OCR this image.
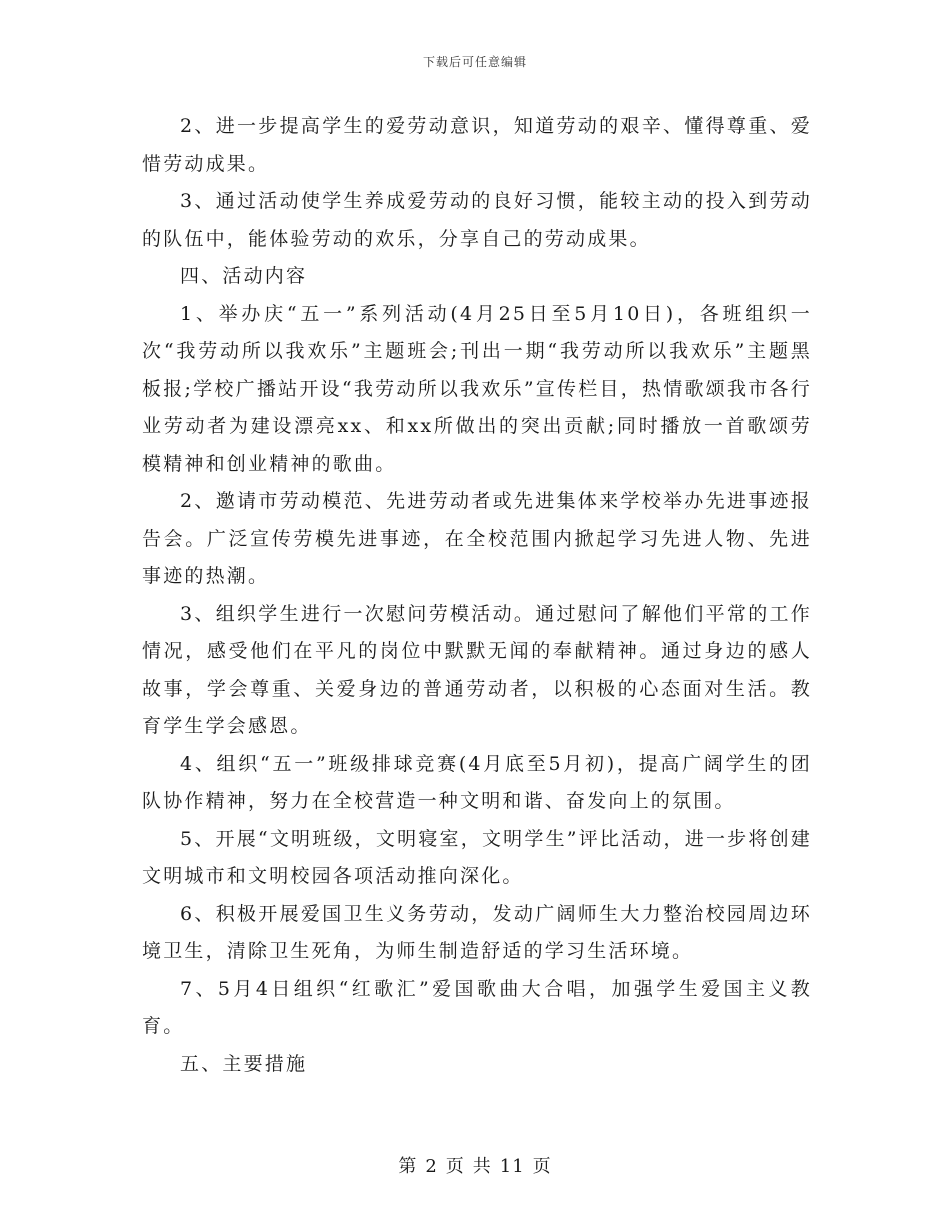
下载后可任意编辑

2、进一步提高学生的爱劳动意识，知道劳动的艰辛、懂得尊重、爱惜劳动成果。

3、通过活动使学生养成爱劳动的良好习惯，能较主动的投入到劳动的队伍中，能体验劳动的欢乐，分享自己的劳动成果。

四、活动内容

1、举办庆“五一”系列活动(4月25日至5月10日)，各班组织一次“我劳动所以我欢乐”主题班会;刊出一期“我劳动所以我欢乐”主题黑板报;学校广播站开设“我劳动所以我欢乐”宣传栏目，热情歌颂我市各行业劳动者为建设漂亮xx、和xx所做出的突出贡献;同时播放一首歌颂劳模精神和创业精神的歌曲。

2、邀请市劳动模范、先进劳动者或先进集体来学校举办先进事迹报告会。广泛宣传劳模先进事迹，在全校范围内掀起学习先进人物、先进事迹的热潮。

3、组织学生进行一次慰问劳模活动。通过慰问了解他们平常的工作情况，感受他们在平凡的岗位中默默无闻的奉献精神。通过身边的感人故事，学会尊重、关爱身边的普通劳动者，以积极的心态面对生活。教育学生学会感恩。

4、组织“五一”班级排球竞赛(4月底至5月初)，提高广阔学生的团队协作精神，努力在全校营造一种文明和谐、奋发向上的氛围。

5、开展“文明班级，文明寝室，文明学生”评比活动，进一步将创建文明城市和文明校园各项活动推向深化。

6、积极开展爱国卫生义务劳动，发动广阔师生大力整治校园周边环境卫生，清除卫生死角，为师生制造舒适的学习生活环境。

7、5月4日组织“红歌汇”爱国歌曲大合唱，加强学生爱国主义教育。

五、主要措施

第 2 页 共 11 页
